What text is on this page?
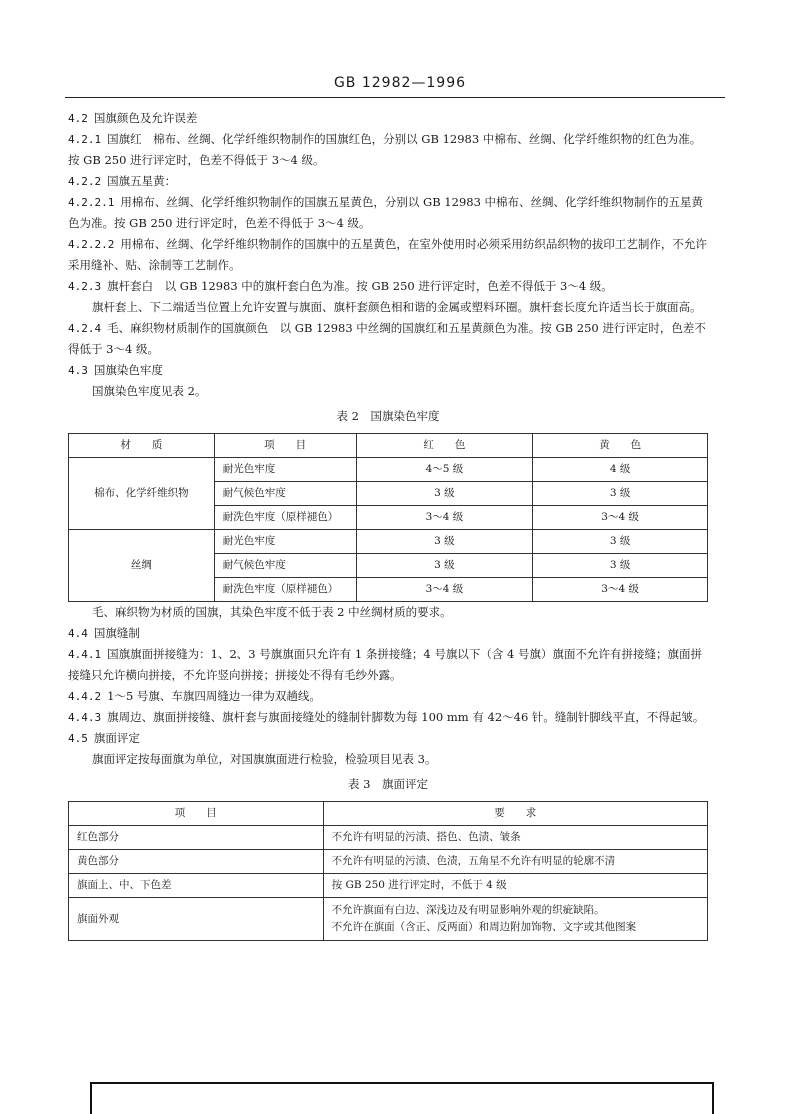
GB 12982—1996

4.2 国旗颜色及允许误差

4.2.1 国旗红　棉布、丝绸、化学纤维织物制作的国旗红色，分别以 GB 12983 中棉布、丝绸、化学纤维织物的红色为准。按 GB 250 进行评定时，色差不得低于 3～4 级。

4.2.2 国旗五星黄：

4.2.2.1 用棉布、丝绸、化学纤维织物制作的国旗五星黄色，分别以 GB 12983 中棉布、丝绸、化学纤维织物制作的五星黄色为准。按 GB 250 进行评定时，色差不得低于 3～4 级。

4.2.2.2 用棉布、丝绸、化学纤维织物制作的国旗中的五星黄色，在室外使用时必须采用纺织品织物的拔印工艺制作，不允许采用缝补、贴、涂制等工艺制作。

4.2.3 旗杆套白　以 GB 12983 中的旗杆套白色为准。按 GB 250 进行评定时，色差不得低于 3～4 级。

旗杆套上、下二端适当位置上允许安置与旗面、旗杆套颜色相和谐的金属或塑料环圈。旗杆套长度允许适当长于旗面高。

4.2.4 毛、麻织物材质制作的国旗颜色　以 GB 12983 中丝绸的国旗红和五星黄颜色为准。按 GB 250 进行评定时，色差不得低于 3～4 级。

4.3 国旗染色牢度

国旗染色牢度见表 2。

表 2　国旗染色牢度
材　　质	项　　目	红　　色	黄　　色
棉布、化学纤维织物	耐光色牢度	4～5 级	4 级
	耐气候色牢度	3 级	3 级
	耐洗色牢度（原样褪色）	3～4 级	3～4 级
丝绸	耐光色牢度	3 级	3 级
	耐气候色牢度	3 级	3 级
	耐洗色牢度（原样褪色）	3～4 级	3～4 级

毛、麻织物为材质的国旗，其染色牢度不低于表 2 中丝绸材质的要求。

4.4 国旗缝制

4.4.1 国旗旗面拼接缝为：1、2、3 号旗旗面只允许有 1 条拼接缝；4 号旗以下（含 4 号旗）旗面不允许有拼接缝；旗面拼接缝只允许横向拼接，不允许竖向拼接；拼接处不得有毛纱外露。

4.4.2 1～5 号旗、车旗四周缝边一律为双趟线。

4.4.3 旗周边、旗面拼接缝、旗杆套与旗面接缝处的缝制针脚数为每 100 mm 有 42～46 针。缝制针脚线平直，不得起皱。

4.5 旗面评定

旗面评定按每面旗为单位，对国旗旗面进行检验，检验项目见表 3。

表 3　旗面评定
项　　目	要　　求
红色部分	不允许有明显的污渍、搭色、色渍、皱条
黄色部分	不允许有明显的污渍、色渍，五角星不允许有明显的轮廓不清
旗面上、中、下色差	按 GB 250 进行评定时，不低于 4 级
旗面外观	不允许旗面有白边、深浅边及有明显影响外观的织疵缺陷。
不允许在旗面（含正、反两面）和周边附加饰物、文字或其他图案
